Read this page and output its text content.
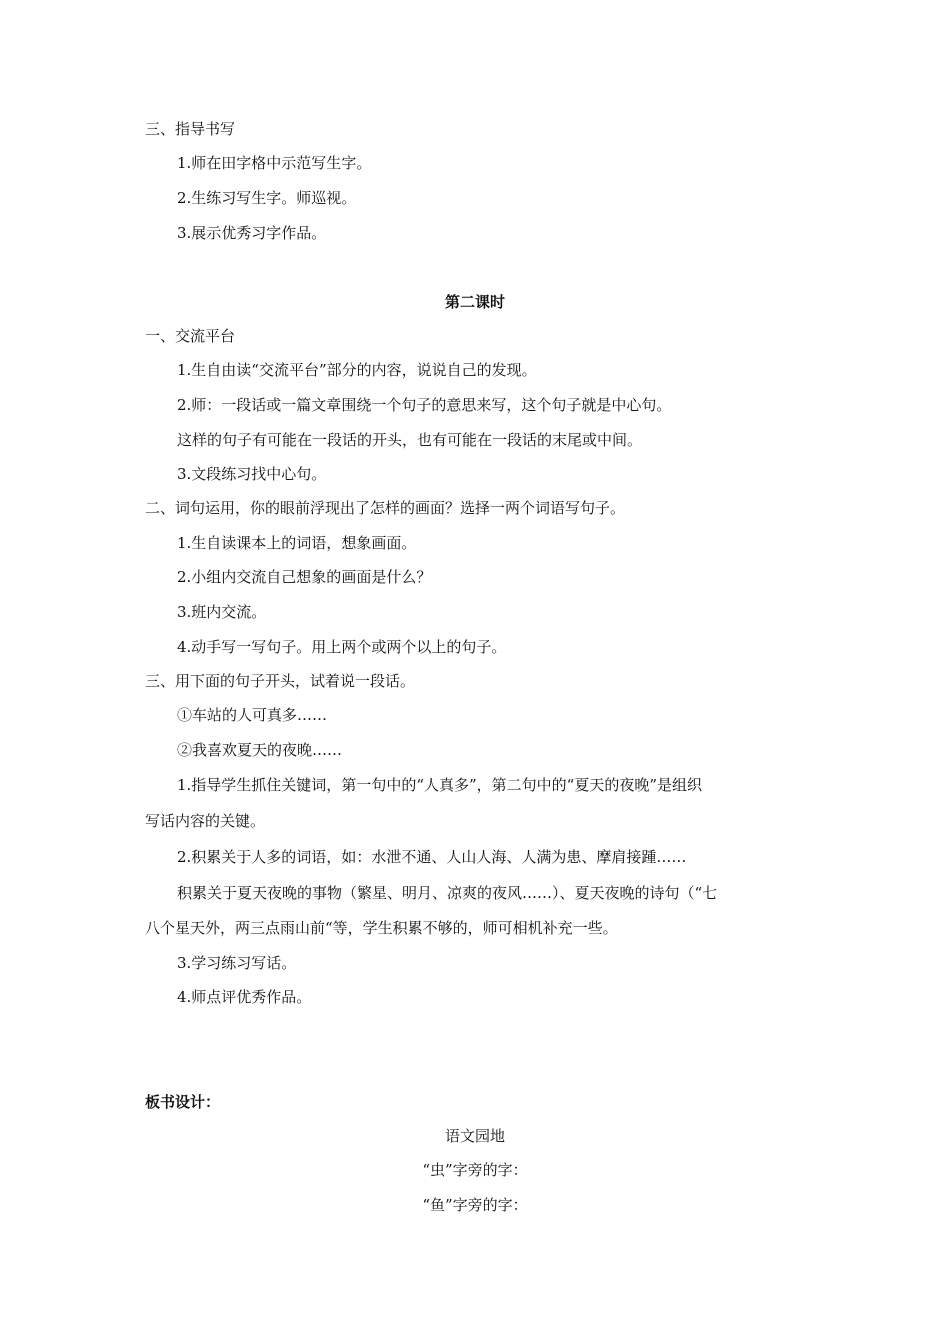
三、指导书写
1.师在田字格中示范写生字。
2.生练习写生字。师巡视。
3.展示优秀习字作品。
第二课时
一、交流平台
1.生自由读“交流平台”部分的内容，说说自己的发现。
2.师：一段话或一篇文章围绕一个句子的意思来写，这个句子就是中心句。
这样的句子有可能在一段话的开头，也有可能在一段话的末尾或中间。
3.文段练习找中心句。
二、词句运用，你的眼前浮现出了怎样的画面？选择一两个词语写句子。
1.生自读课本上的词语，想象画面。
2.小组内交流自己想象的画面是什么？
3.班内交流。
4.动手写一写句子。用上两个或两个以上的句子。
三、用下面的句子开头，试着说一段话。
①车站的人可真多……
②我喜欢夏天的夜晚……
1.指导学生抓住关键词，第一句中的“人真多”，第二句中的“夏天的夜晚”是组织
写话内容的关键。
2.积累关于人多的词语，如：水泄不通、人山人海、人满为患、摩肩接踵……
积累关于夏天夜晚的事物（繁星、明月、凉爽的夜风……）、夏天夜晚的诗句（“七
八个星天外，两三点雨山前“等，学生积累不够的，师可相机补充一些。
3.学习练习写话。
4.师点评优秀作品。
板书设计：
语文园地
“虫”字旁的字：
“鱼”字旁的字：
